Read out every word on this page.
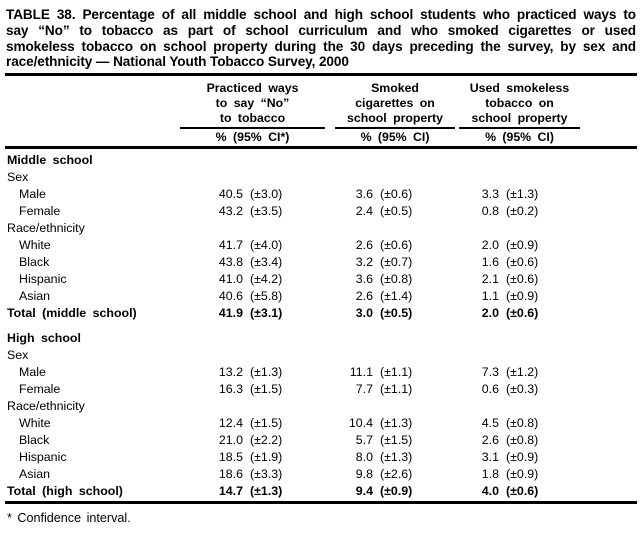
TABLE 38. Percentage of all middle school and high school students who practiced ways to
say “No” to tobacco as part of school curriculum and who smoked cigarettes or used
smokeless tobacco on school property during the 30 days preceding the survey, by sex and
race/ethnicity — National Youth Tobacco Survey, 2000
Practiced ways
to say “No”
to tobacco
% (95% CI*)
Smoked
cigarettes on
school property
% (95% CI)
Used smokeless
tobacco on
school property
% (95% CI)
Middle school
Sex
Male	40.5 (±3.0)	3.6 (±0.6)	3.3 (±1.3)
Female	43.2 (±3.5)	2.4 (±0.5)	0.8 (±0.2)
Race/ethnicity
White	41.7 (±4.0)	2.6 (±0.6)	2.0 (±0.9)
Black	43.8 (±3.4)	3.2 (±0.7)	1.6 (±0.6)
Hispanic	41.0 (±4.2)	3.6 (±0.8)	2.1 (±0.6)
Asian	40.6 (±5.8)	2.6 (±1.4)	1.1 (±0.9)
Total (middle school)	41.9 (±3.1)	3.0 (±0.5)	2.0 (±0.6)
High school
Sex
Male	13.2 (±1.3)	11.1 (±1.1)	7.3 (±1.2)
Female	16.3 (±1.5)	7.7 (±1.1)	0.6 (±0.3)
Race/ethnicity
White	12.4 (±1.5)	10.4 (±1.3)	4.5 (±0.8)
Black	21.0 (±2.2)	5.7 (±1.5)	2.6 (±0.8)
Hispanic	18.5 (±1.9)	8.0 (±1.3)	3.1 (±0.9)
Asian	18.6 (±3.3)	9.8 (±2.6)	1.8 (±0.9)
Total (high school)	14.7 (±1.3)	9.4 (±0.9)	4.0 (±0.6)
* Confidence interval.
